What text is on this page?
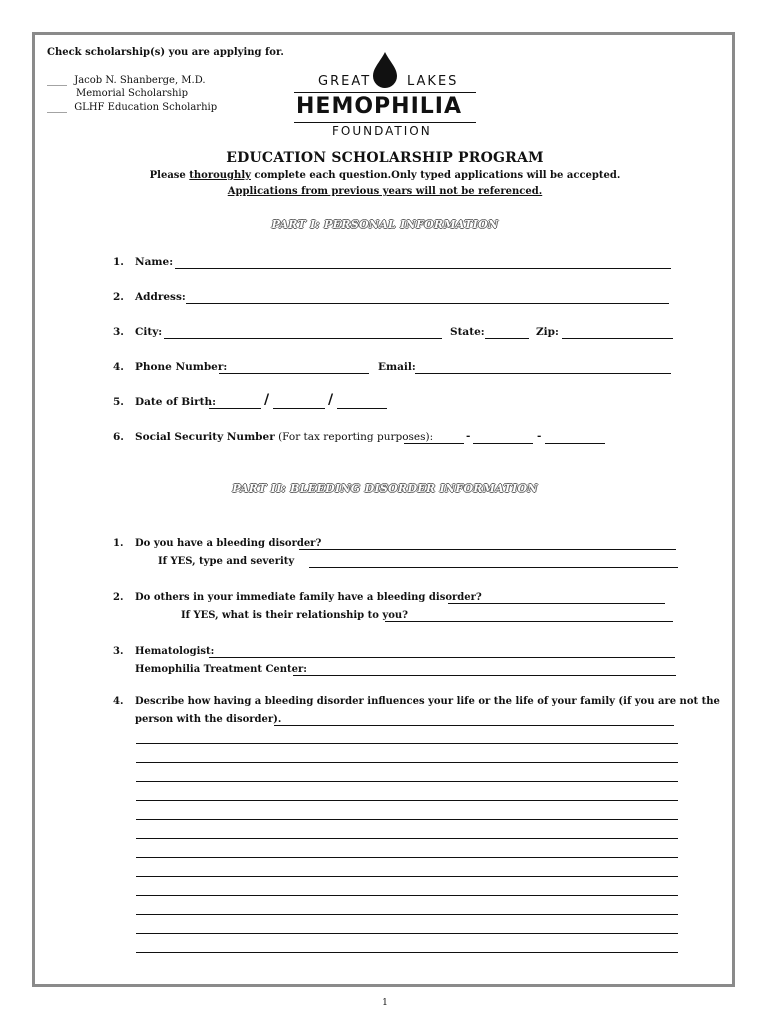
Check scholarship(s) you are applying for.
____ Jacob N. Shanberge, M.D.
Memorial Scholarship
____ GLHF Education Scholarhip
GREAT	LAKES
HEMOPHILIA
FOUNDATION
EDUCATION SCHOLARSHIP PROGRAM
Please thoroughly complete each question.Only typed applications will be accepted.
Applications from previous years will not be referenced.
PART I: PERSONAL INFORMATION
1. Name:
2. Address:
3. City:	State:	Zip:
4. Phone Number:	Email:
5. Date of Birth:	/	/
6. Social Security Number (For tax reporting purposes):	-	-
PART II: BLEEDING DISORDER INFORMATION
1. Do you have a bleeding disorder?
If YES, type and severity
2. Do others in your immediate family have a bleeding disorder?
If YES, what is their relationship to you?
3. Hematologist:
Hemophilia Treatment Center:
4. Describe how having a bleeding disorder influences your life or the life of your family (if you are not the
person with the disorder).
1
